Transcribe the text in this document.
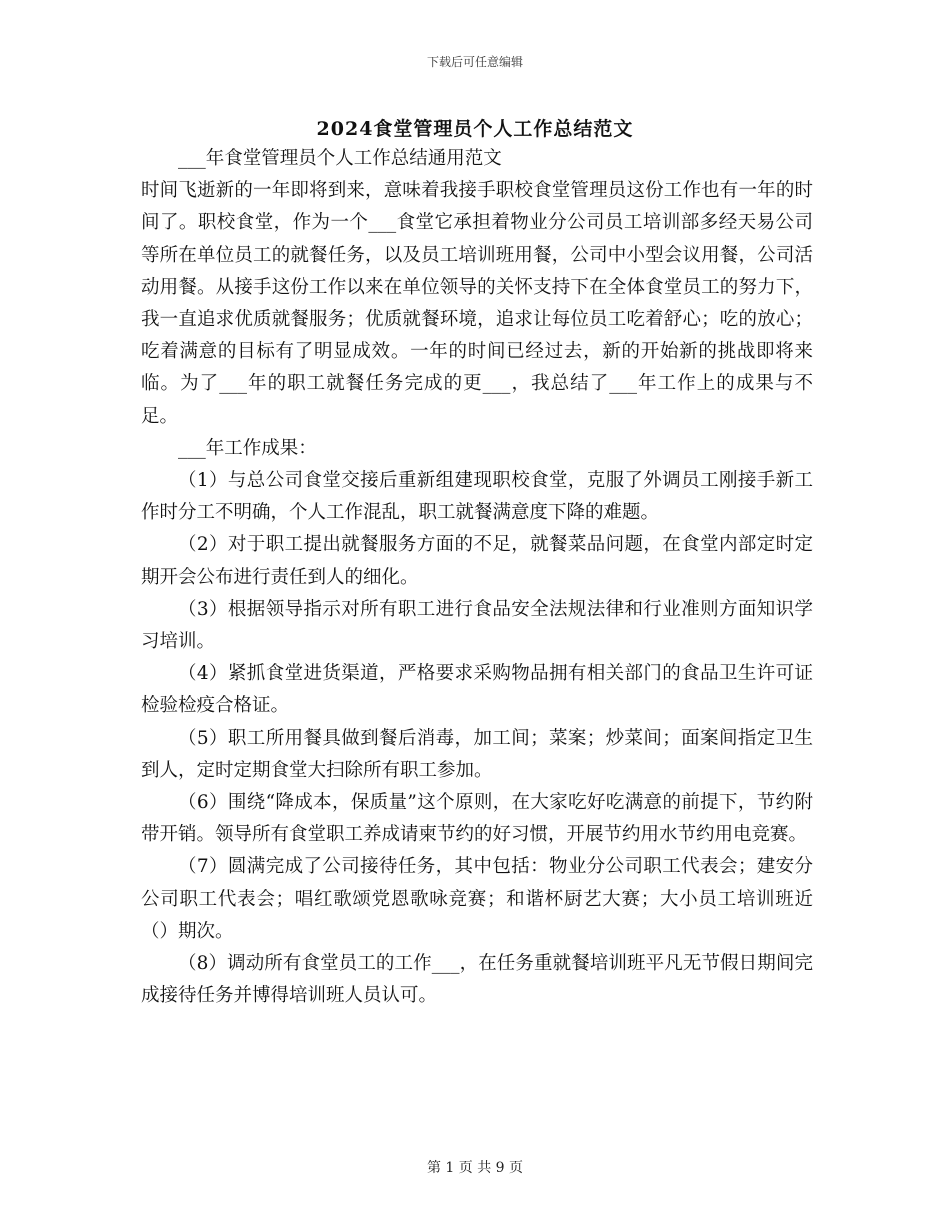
下载后可任意编辑
2024食堂管理员个人工作总结范文

___年食堂管理员个人工作总结通用范文

时间飞逝新的一年即将到来，意味着我接手职校食堂管理员这份工作也有一年的时间了。职校食堂，作为一个___食堂它承担着物业分公司员工培训部多经天易公司等所在单位员工的就餐任务，以及员工培训班用餐，公司中小型会议用餐，公司活动用餐。从接手这份工作以来在单位领导的关怀支持下在全体食堂员工的努力下，我一直追求优质就餐服务；优质就餐环境，追求让每位员工吃着舒心；吃的放心；吃着满意的目标有了明显成效。一年的时间已经过去，新的开始新的挑战即将来临。为了___年的职工就餐任务完成的更___，我总结了___年工作上的成果与不足。

___年工作成果：

（1）与总公司食堂交接后重新组建现职校食堂，克服了外调员工刚接手新工作时分工不明确，个人工作混乱，职工就餐满意度下降的难题。

（2）对于职工提出就餐服务方面的不足，就餐菜品问题，在食堂内部定时定期开会公布进行责任到人的细化。

（3）根据领导指示对所有职工进行食品安全法规法律和行业准则方面知识学习培训。

（4）紧抓食堂进货渠道，严格要求采购物品拥有相关部门的食品卫生许可证检验检疫合格证。

（5）职工所用餐具做到餐后消毒，加工间；菜案；炒菜间；面案间指定卫生到人，定时定期食堂大扫除所有职工参加。

（6）围绕“降成本，保质量”这个原则，在大家吃好吃满意的前提下，节约附带开销。领导所有食堂职工养成请柬节约的好习惯，开展节约用水节约用电竞赛。

（7）圆满完成了公司接待任务，其中包括：物业分公司职工代表会；建安分公司职工代表会；唱红歌颂党恩歌咏竞赛；和谐杯厨艺大赛；大小员工培训班近（）期次。

（8）调动所有食堂员工的工作___，在任务重就餐培训班平凡无节假日期间完成接待任务并博得培训班人员认可。

第 1 页 共 9 页
